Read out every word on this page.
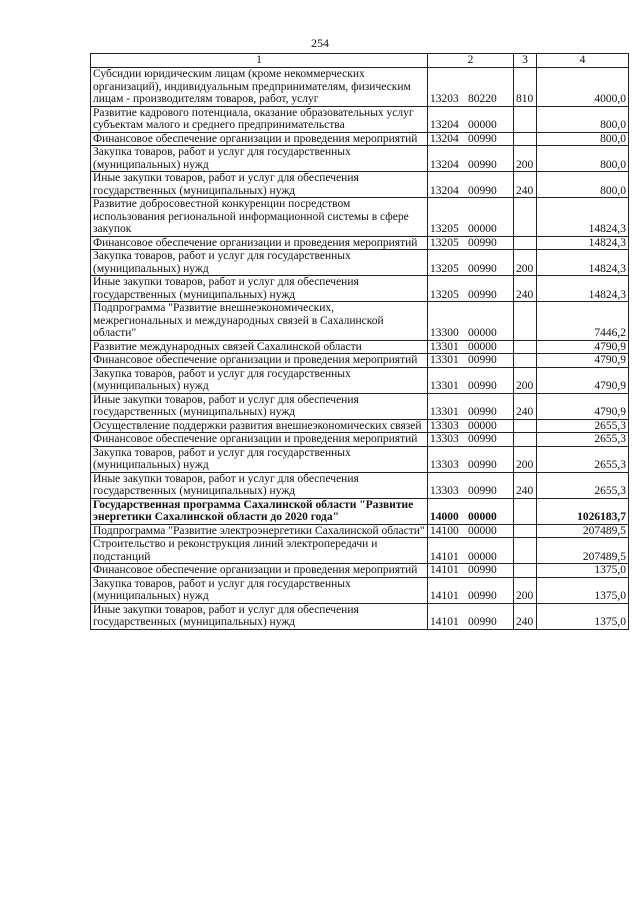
254
1	2	3	4
Субсидии юридическим лицам (кроме некоммерческих организаций), индивидуальным предпринимателям, физическим лицам - производителям товаров, работ, услуг	13203 80220	810	4000,0
Развитие кадрового потенциала, оказание образовательных услуг субъектам малого и среднего предпринимательства	13204 00000		800,0
Финансовое обеспечение организации и проведения мероприятий	13204 00990		800,0
Закупка товаров, работ и услуг для государственных (муниципальных) нужд	13204 00990	200	800,0
Иные закупки товаров, работ и услуг для обеспечения государственных (муниципальных) нужд	13204 00990	240	800,0
Развитие добросовестной конкуренции посредством использования региональной информационной системы в сфере закупок	13205 00000		14824,3
Финансовое обеспечение организации и проведения мероприятий	13205 00990		14824,3
Закупка товаров, работ и услуг для государственных (муниципальных) нужд	13205 00990	200	14824,3
Иные закупки товаров, работ и услуг для обеспечения государственных (муниципальных) нужд	13205 00990	240	14824,3
Подпрограмма "Развитие внешнеэкономических, межрегиональных и международных связей в Сахалинской области"	13300 00000		7446,2
Развитие международных связей Сахалинской области	13301 00000		4790,9
Финансовое обеспечение организации и проведения мероприятий	13301 00990		4790,9
Закупка товаров, работ и услуг для государственных (муниципальных) нужд	13301 00990	200	4790,9
Иные закупки товаров, работ и услуг для обеспечения государственных (муниципальных) нужд	13301 00990	240	4790,9
Осуществление поддержки развития внешнеэкономических связей	13303 00000		2655,3
Финансовое обеспечение организации и проведения мероприятий	13303 00990		2655,3
Закупка товаров, работ и услуг для государственных (муниципальных) нужд	13303 00990	200	2655,3
Иные закупки товаров, работ и услуг для обеспечения государственных (муниципальных) нужд	13303 00990	240	2655,3
Государственная программа Сахалинской области "Развитие энергетики Сахалинской области до 2020 года"	14000 00000		1026183,7
Подпрограмма "Развитие электроэнергетики Сахалинской области"	14100 00000		207489,5
Строительство и реконструкция линий электропередачи и подстанций	14101 00000		207489,5
Финансовое обеспечение организации и проведения мероприятий	14101 00990		1375,0
Закупка товаров, работ и услуг для государственных (муниципальных) нужд	14101 00990	200	1375,0
Иные закупки товаров, работ и услуг для обеспечения государственных (муниципальных) нужд	14101 00990	240	1375,0
